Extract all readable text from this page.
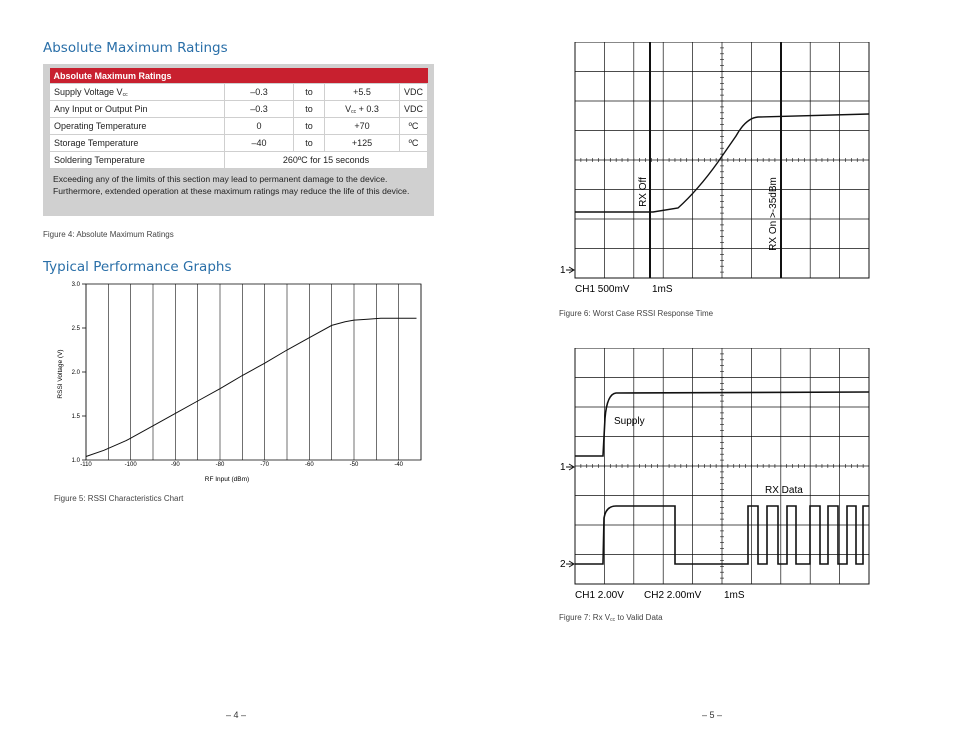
Absolute Maximum Ratings
Absolute Maximum Ratings				
Supply Voltage $V_{cc}$	–0.3	to	+5.5	VDC
Any Input or Output Pin	–0.3	to	$V_{cc} + 0.3$	VDC
Operating Temperature	0	to	+70	ºC
Storage Temperature	–40	to	+125	ºC
Soldering Temperature	260ºC for 15 seconds			
Exceeding any of the limits of this section may lead to permanent damage to the device. Furthermore, extended operation at these maximum ratings may reduce the life of this device.
Figure 4: Absolute Maximum Ratings
Typical Performance Graphs
1.0
1.5
2.0
2.5
3.0
-110	-100	-90	-80	-70	-60	-50	-40
RF Input (dBm)
RSSI Voltage (V)
Figure 5: RSSI Characteristics Chart
– 4 –
RX Off	RX On >-35dBm
1
CH1 500mV 1mS
Figure 6: Worst Case RSSI Response Time
Supply
RX Data
1
2
CH1 2.00V CH2 2.00mV 1mS
Figure 7: Rx $V_{cc}$ to Valid Data
– 5 –
